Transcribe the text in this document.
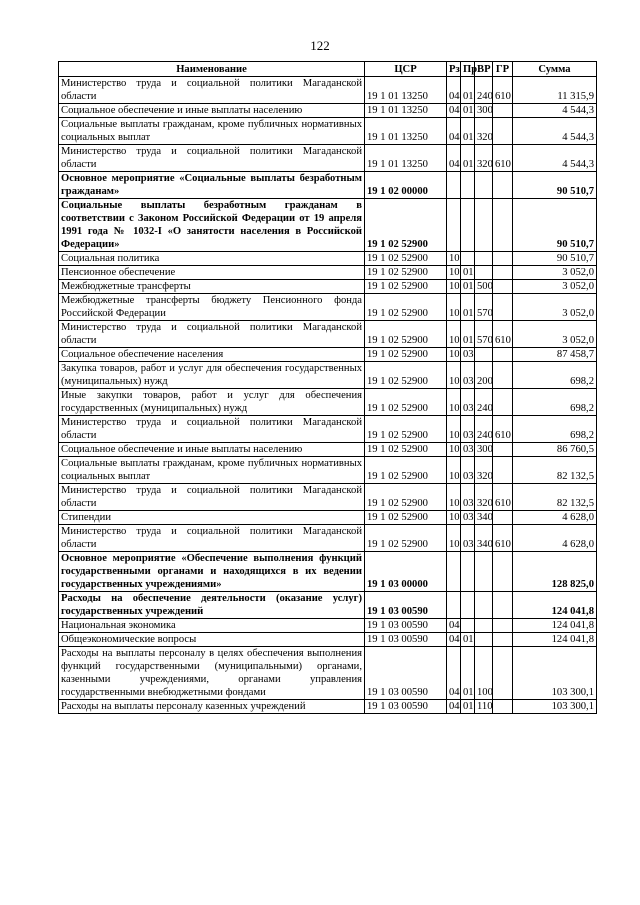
122
Наименование	ЦСР	Рз	Пр	ВР	ГР	Сумма
Министерство труда и социальной политики Магаданской области	19 1 01 13250	04	01	240	610	11 315,9
Социальное обеспечение и иные выплаты населению	19 1 01 13250	04	01	300		4 544,3
Социальные выплаты гражданам, кроме публичных нормативных социальных выплат	19 1 01 13250	04	01	320		4 544,3
Министерство труда и социальной политики Магаданской области	19 1 01 13250	04	01	320	610	4 544,3
Основное мероприятие «Социальные выплаты безработным гражданам»	19 1 02 00000					90 510,7
Социальные выплаты безработным гражданам в соответствии с Законом Российской Федерации от 19 апреля 1991 года № 1032-I «О занятости населения в Российской Федерации»	19 1 02 52900					90 510,7
Социальная политика	19 1 02 52900	10				90 510,7
Пенсионное обеспечение	19 1 02 52900	10	01			3 052,0
Межбюджетные трансферты	19 1 02 52900	10	01	500		3 052,0
Межбюджетные трансферты бюджету Пенсионного фонда Российской Федерации	19 1 02 52900	10	01	570		3 052,0
Министерство труда и социальной политики Магаданской области	19 1 02 52900	10	01	570	610	3 052,0
Социальное обеспечение населения	19 1 02 52900	10	03			87 458,7
Закупка товаров, работ и услуг для обеспечения государственных (муниципальных) нужд	19 1 02 52900	10	03	200		698,2
Иные закупки товаров, работ и услуг для обеспечения государственных (муниципальных) нужд	19 1 02 52900	10	03	240		698,2
Министерство труда и социальной политики Магаданской области	19 1 02 52900	10	03	240	610	698,2
Социальное обеспечение и иные выплаты населению	19 1 02 52900	10	03	300		86 760,5
Социальные выплаты гражданам, кроме публичных нормативных социальных выплат	19 1 02 52900	10	03	320		82 132,5
Министерство труда и социальной политики Магаданской области	19 1 02 52900	10	03	320	610	82 132,5
Стипендии	19 1 02 52900	10	03	340		4 628,0
Министерство труда и социальной политики Магаданской области	19 1 02 52900	10	03	340	610	4 628,0
Основное мероприятие «Обеспечение выполнения функций государственными органами и находящихся в их ведении государственных учреждениями»	19 1 03 00000					128 825,0
Расходы на обеспечение деятельности (оказание услуг) государственных учреждений	19 1 03 00590					124 041,8
Национальная экономика	19 1 03 00590	04				124 041,8
Общеэкономические вопросы	19 1 03 00590	04	01			124 041,8
Расходы на выплаты персоналу в целях обеспечения выполнения функций государственными (муниципальными) органами, казенными учреждениями, органами управления государственными внебюджетными фондами	19 1 03 00590	04	01	100		103 300,1
Расходы на выплаты персоналу казенных учреждений	19 1 03 00590	04	01	110		103 300,1
